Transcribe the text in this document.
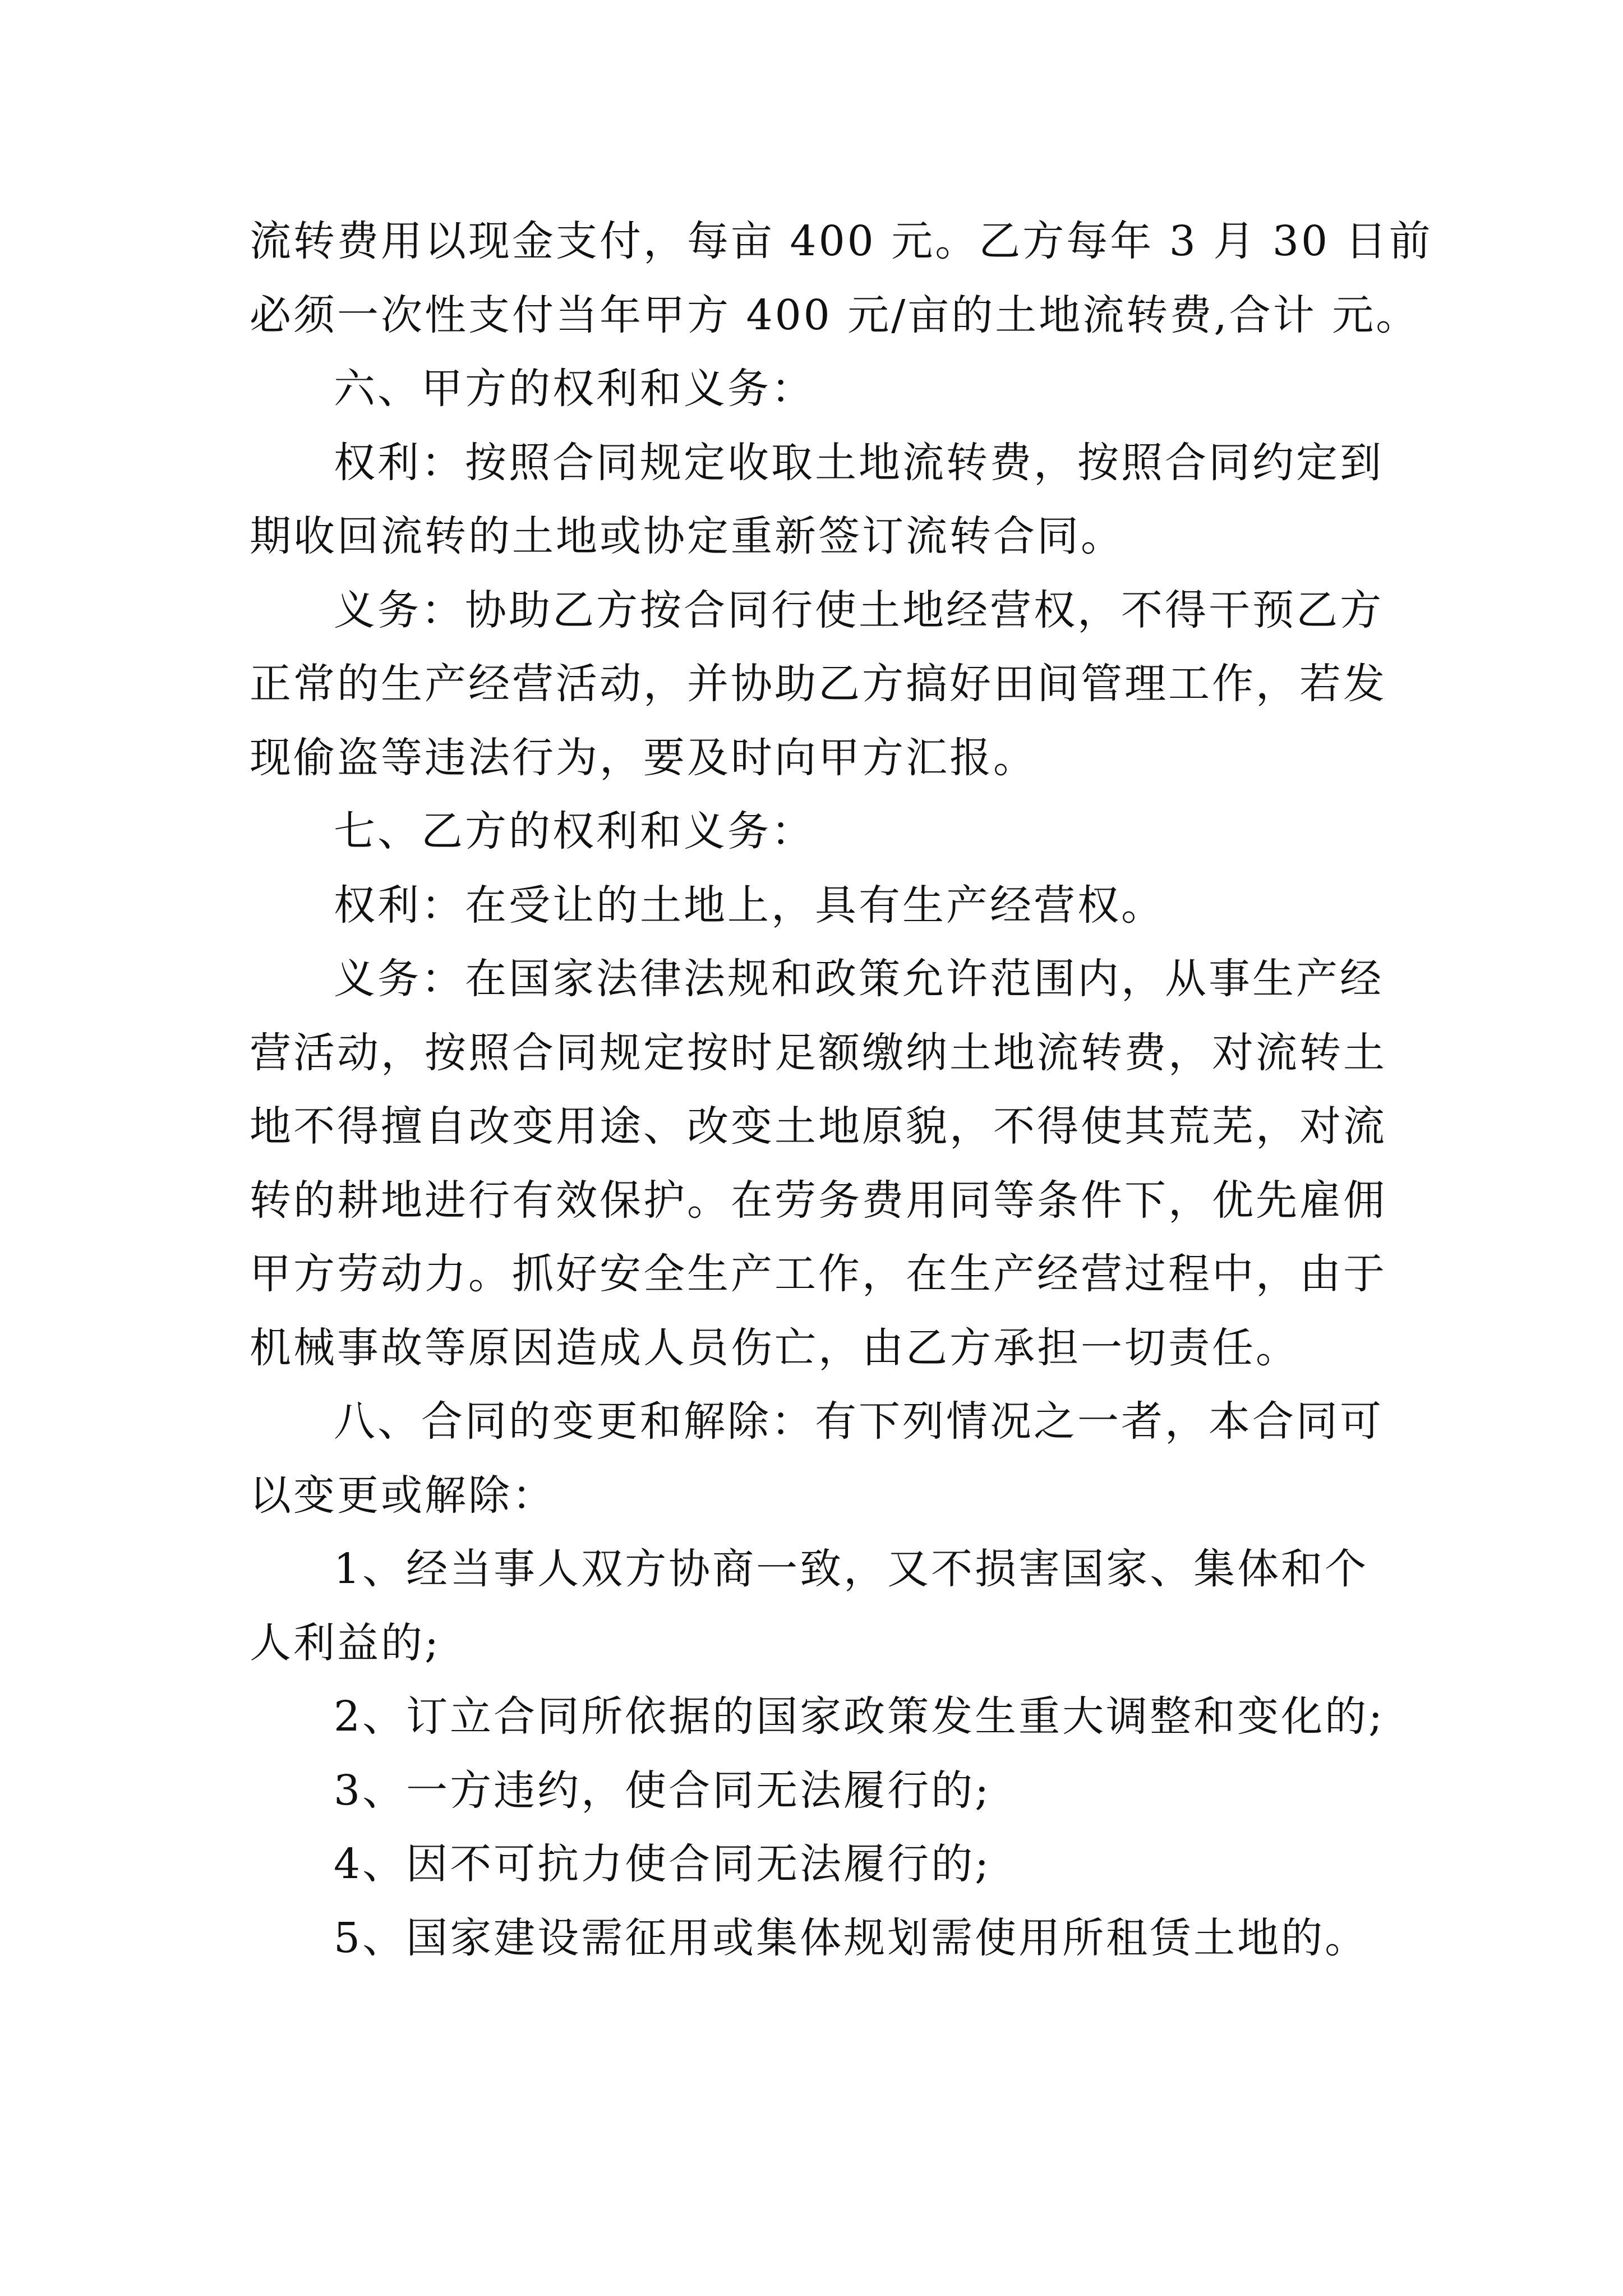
流转费用以现金支付，每亩 400 元。乙方每年 3 月 30 日前
必须一次性支付当年甲方 400 元/亩的土地流转费,合计 元。
六、甲方的权利和义务：
权利：按照合同规定收取土地流转费，按照合同约定到
期收回流转的土地或协定重新签订流转合同。
义务：协助乙方按合同行使土地经营权，不得干预乙方
正常的生产经营活动，并协助乙方搞好田间管理工作，若发
现偷盗等违法行为，要及时向甲方汇报。
七、乙方的权利和义务：
权利：在受让的土地上，具有生产经营权。
义务：在国家法律法规和政策允许范围内，从事生产经
营活动，按照合同规定按时足额缴纳土地流转费，对流转土
地不得擅自改变用途、改变土地原貌，不得使其荒芜，对流
转的耕地进行有效保护。在劳务费用同等条件下，优先雇佣
甲方劳动力。抓好安全生产工作，在生产经营过程中，由于
机械事故等原因造成人员伤亡，由乙方承担一切责任。
八、合同的变更和解除：有下列情况之一者，本合同可
以变更或解除：
1、经当事人双方协商一致，又不损害国家、集体和个
人利益的;
2、订立合同所依据的国家政策发生重大调整和变化的;
3、一方违约，使合同无法履行的;
4、因不可抗力使合同无法履行的;
5、国家建设需征用或集体规划需使用所租赁土地的。
